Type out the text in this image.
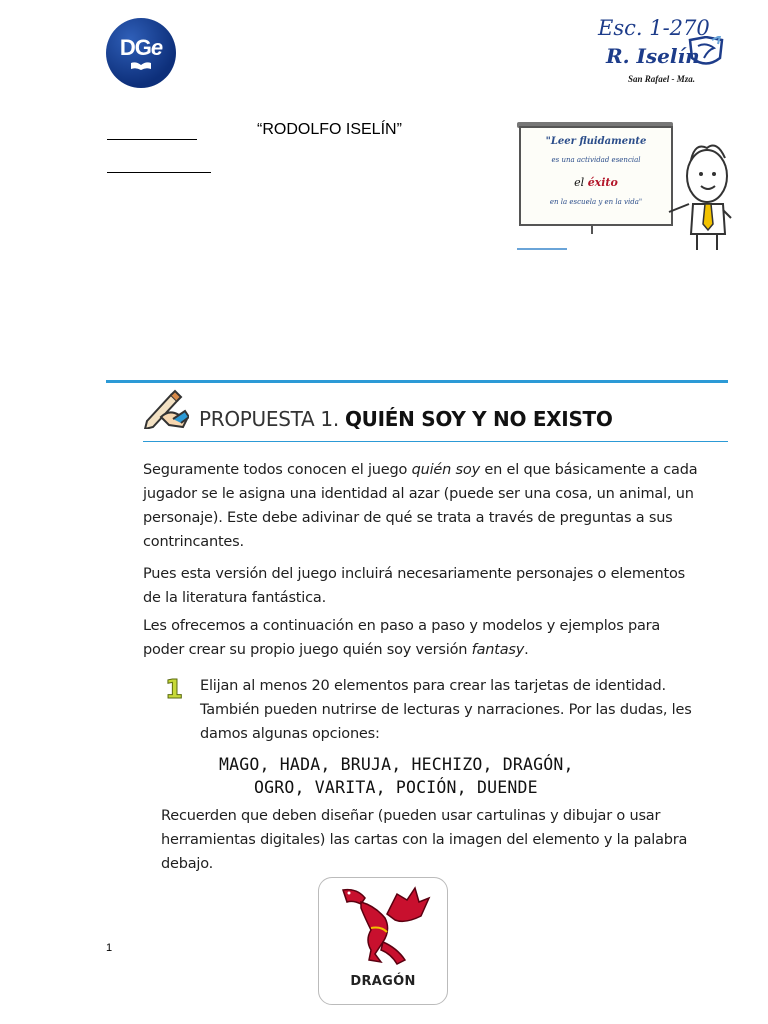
DGe
Esc. 1-270
R. Iselín
San Rafael - Mza.
“RODOLFO ISELÍN”
"Leer fluidamente
es una actividad esencial
el éxito
en la escuela y en la vida"
PROPUESTA 1. QUIÉN SOY Y NO EXISTO
Seguramente todos conocen el juego quién soy en el que básicamente a cada jugador se le asigna una identidad al azar (puede ser una cosa, un animal, un personaje). Este debe adivinar de qué se trata a través de preguntas a sus contrincantes.
Pues esta versión del juego incluirá necesariamente personajes o elementos de la literatura fantástica.
Les ofrecemos a continuación en paso a paso y modelos y ejemplos para poder crear su propio juego quién soy versión fantasy.
1 Elijan al menos 20 elementos para crear las tarjetas de identidad. También pueden nutrirse de lecturas y narraciones. Por las dudas, les damos algunas opciones:
MAGO, HADA, BRUJA, HECHIZO, DRAGÓN,
OGRO, VARITA, POCIÓN, DUENDE
Recuerden que deben diseñar (pueden usar cartulinas y dibujar o usar herramientas digitales) las cartas con la imagen del elemento y la palabra debajo.
DRAGÓN
1
